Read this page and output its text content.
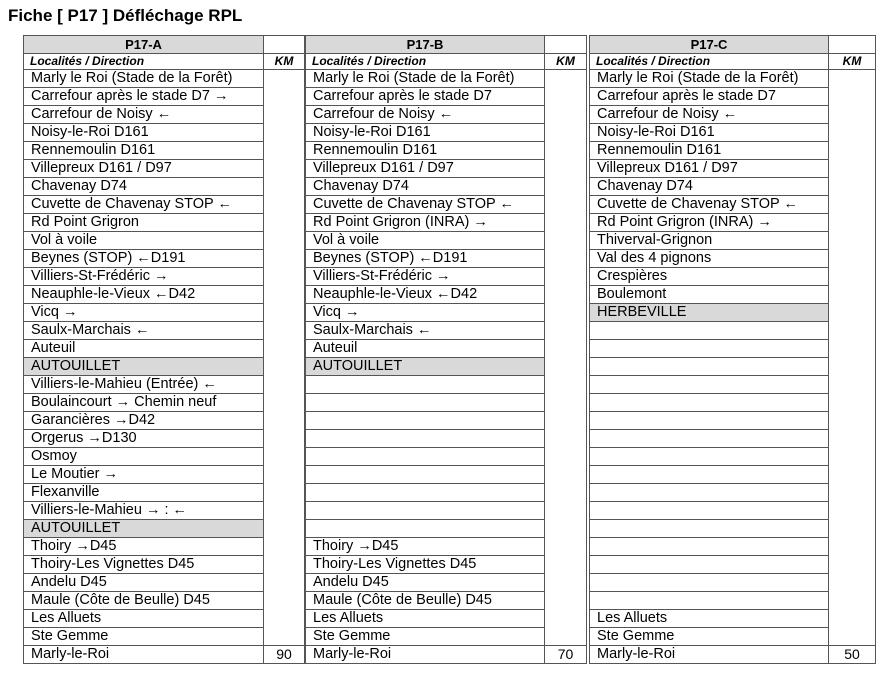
Fiche [ P17 ] Défléchage RPL
P17-A	
Localités / Direction	KM
Marly le Roi (Stade de la Forêt)	
Carrefour après le stade D7 →	
Carrefour de Noisy ←	
Noisy-le-Roi D161	
Rennemoulin D161	
Villepreux D161 / D97	
Chavenay D74	
Cuvette de Chavenay STOP ←	
Rd Point Grigron	
Vol à voile	
Beynes (STOP) ←D191	
Villiers-St-Frédéric →	
Neauphle-le-Vieux ←D42	
Vicq →	
Saulx-Marchais ←	
Auteuil	
AUTOUILLET	
Villiers-le-Mahieu (Entrée) ←	
Boulaincourt → Chemin neuf	
Garancières →D42	
Orgerus →D130	
Osmoy	
Le Moutier →	
Flexanville	
Villiers-le-Mahieu → : ←	
AUTOUILLET	
Thoiry →D45	
Thoiry-Les Vignettes D45	
Andelu D45	
Maule (Côte de Beulle) D45	
Les Alluets	
Ste Gemme	
Marly-le-Roi	90
P17-B	
Localités / Direction	KM
Marly le Roi (Stade de la Forêt)	
Carrefour après le stade D7	
Carrefour de Noisy ←	
Noisy-le-Roi D161	
Rennemoulin D161	
Villepreux D161 / D97	
Chavenay D74	
Cuvette de Chavenay STOP ←	
Rd Point Grigron (INRA) →	
Vol à voile	
Beynes (STOP) ←D191	
Villiers-St-Frédéric →	
Neauphle-le-Vieux ←D42	
Vicq →	
Saulx-Marchais ←	
Auteuil	
AUTOUILLET	

Thoiry →D45	
Thoiry-Les Vignettes D45	
Andelu D45	
Maule (Côte de Beulle) D45	
Les Alluets	
Ste Gemme	
Marly-le-Roi	70
P17-C	
Localités / Direction	KM
Marly le Roi (Stade de la Forêt)	
Carrefour après le stade D7	
Carrefour de Noisy ←	
Noisy-le-Roi D161	
Rennemoulin D161	
Villepreux D161 / D97	
Chavenay D74	
Cuvette de Chavenay STOP ←	
Rd Point Grigron (INRA) →	
Thiverval-Grignon	
Val des 4 pignons	
Crespières	
Boulemont	
HERBEVILLE	

Les Alluets	
Ste Gemme	
Marly-le-Roi	50
